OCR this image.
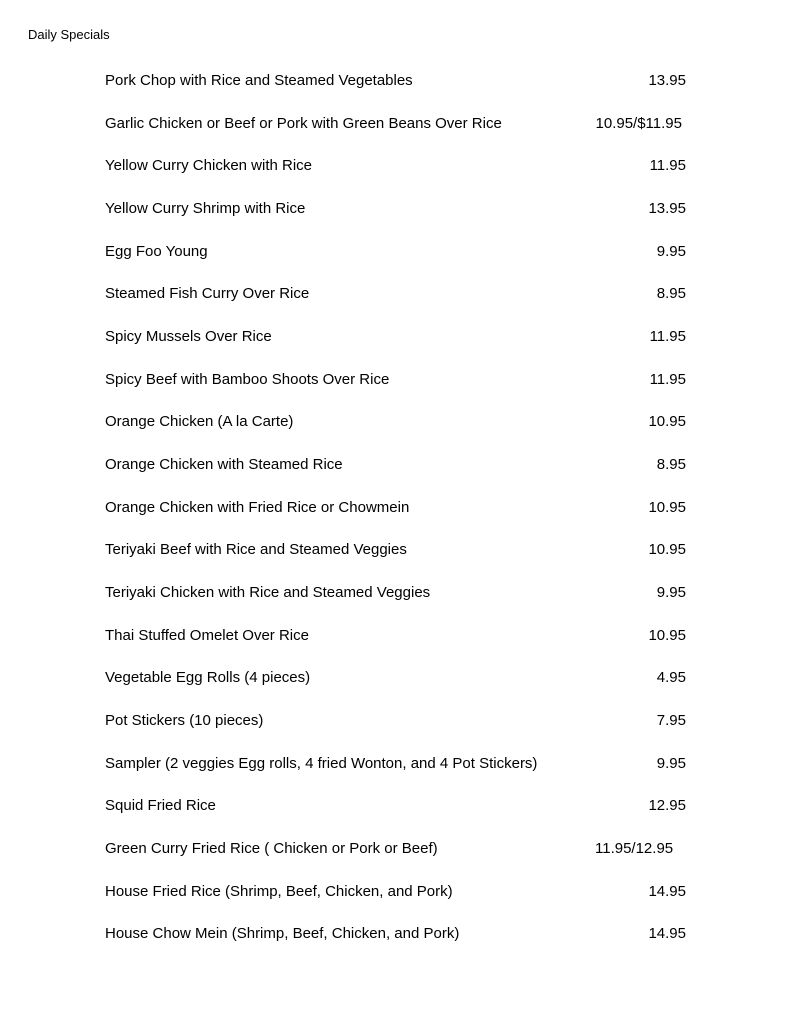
Daily Specials
Pork Chop with Rice and Steamed Vegetables	13.95
Garlic Chicken or Beef or Pork with Green Beans Over Rice	10.95/$11.95
Yellow Curry Chicken with Rice	11.95
Yellow Curry Shrimp with Rice	13.95
Egg Foo Young	9.95
Steamed Fish Curry Over Rice	8.95
Spicy Mussels Over Rice	11.95
Spicy Beef with Bamboo Shoots Over Rice	11.95
Orange Chicken (A la Carte)	10.95
Orange Chicken with Steamed Rice	8.95
Orange Chicken with Fried Rice or Chowmein	10.95
Teriyaki Beef with Rice and Steamed Veggies	10.95
Teriyaki Chicken with Rice and Steamed Veggies	9.95
Thai Stuffed Omelet Over Rice	10.95
Vegetable Egg Rolls (4 pieces)	4.95
Pot Stickers (10 pieces)	7.95
Sampler (2 veggies Egg rolls, 4 fried Wonton, and 4 Pot Stickers)	9.95
Squid Fried Rice	12.95
Green Curry Fried Rice ( Chicken or Pork or Beef)	11.95/12.95
House Fried Rice (Shrimp, Beef, Chicken, and Pork)	14.95
House Chow Mein (Shrimp, Beef, Chicken, and Pork)	14.95
